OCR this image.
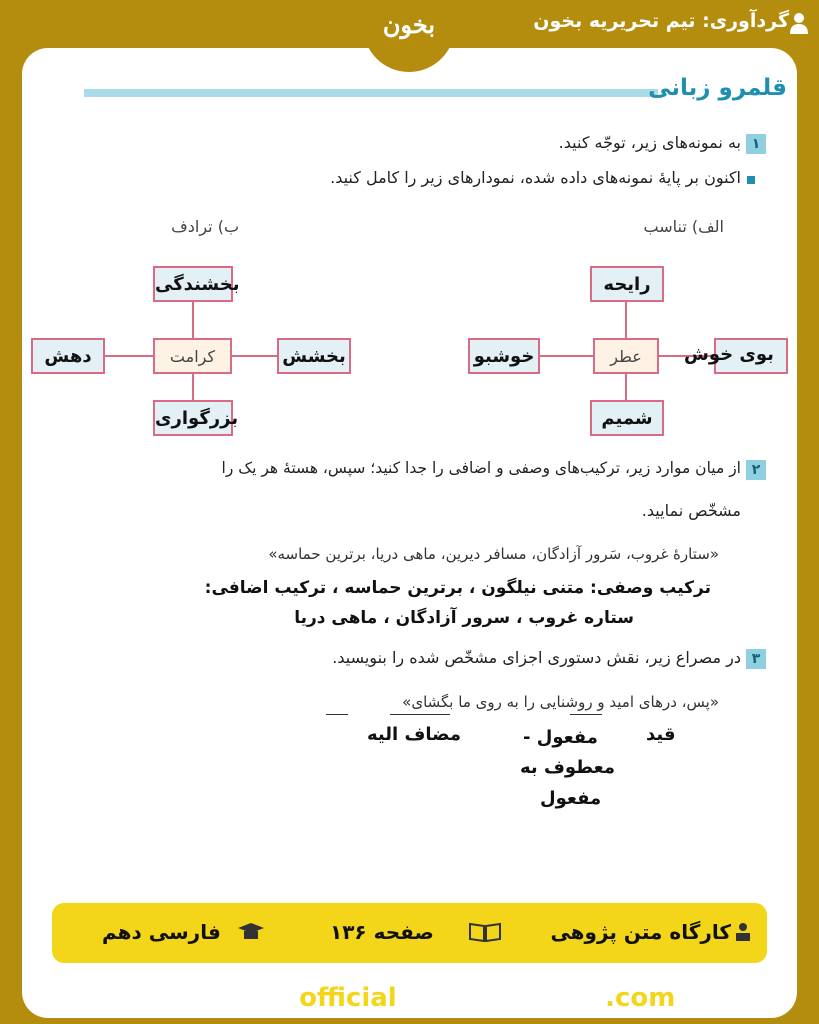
گردآوری: تیم تحریریه بخون
بخون
قلمرو زبانی
۱
به نمونه‌های زیر، توجّه کنید.
اکنون بر پایهٔ نمونه‌های داده شده، نمودارهای زیر را کامل کنید.
الف) تناسب
ب) ترادف
عطر
رایحه
شمیم
خوشبو	بوی خوش
کرامت
بخشندگی
بزرگواری
دهش	بخشش
۲
از میان موارد زیر، ترکیب‌های وصفی و اضافی را جدا کنید؛ سپس، هستهٔ هر یک را
مشخّص نمایید.
«ستارهٔ غروب، سَرور آزادگان، مسافر دیرین، ماهی دریا، برترین حماسه»
ترکیب وصفی: متنی نیلگون ، برترین حماسه ، ترکیب اضافی:
ستاره غروب ، سرور آزادگان ، ماهی دریا
۳
در مصراع زیر، نقش دستوری اجزای مشخّص شده را بنویسید.
«پس، درهای امید و روشنایی را به روی ما بگشای»
قید
مفعول -
معطوف به
مفعول
مضاف الیه
کارگاه متن پژوهی
صفحه ۱۳۶
فارسی دهم
bekhunofficial	bekhun.com
